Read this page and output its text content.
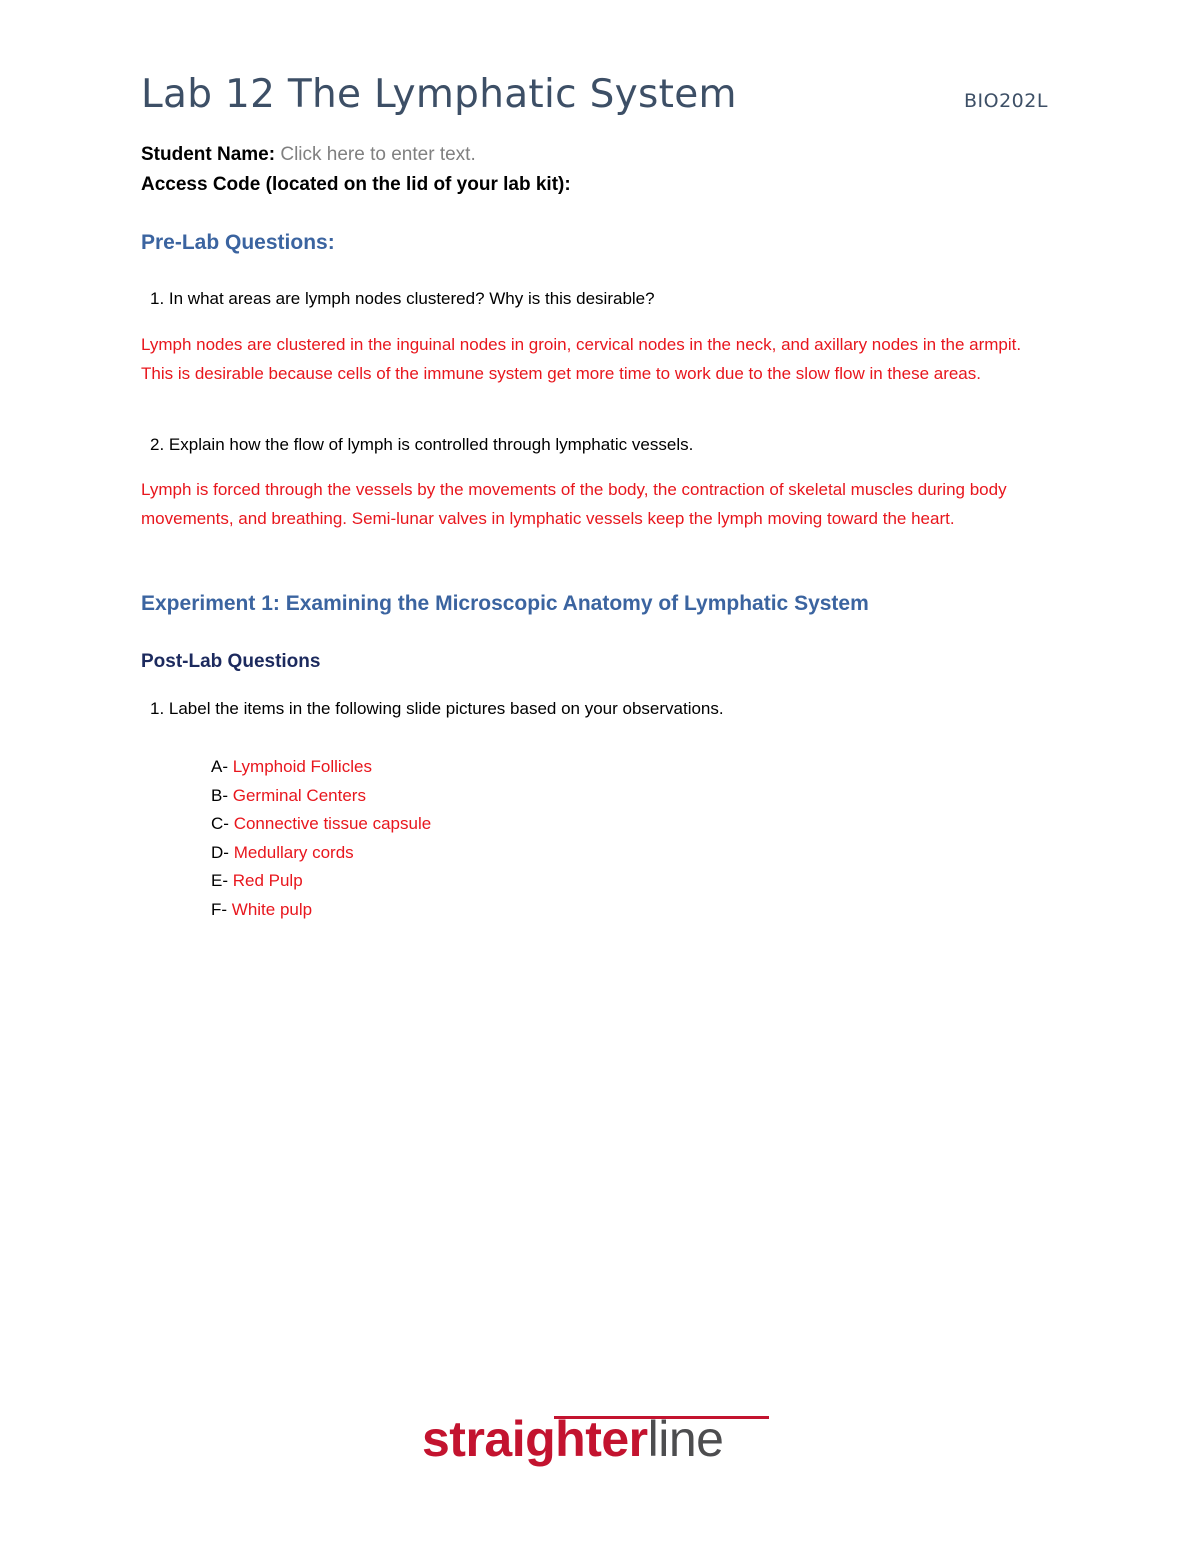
Lab 12 The Lymphatic System	BIO202L
Student Name: Click here to enter text.
Access Code (located on the lid of your lab kit):
Pre-Lab Questions:
1. In what areas are lymph nodes clustered? Why is this desirable?
Lymph nodes are clustered in the inguinal nodes in groin, cervical nodes in the neck, and axillary nodes in the armpit. This is desirable because cells of the immune system get more time to work due to the slow flow in these areas.
2. Explain how the flow of lymph is controlled through lymphatic vessels.
Lymph is forced through the vessels by the movements of the body, the contraction of skeletal muscles during body movements, and breathing. Semi-lunar valves in lymphatic vessels keep the lymph moving toward the heart.
Experiment 1: Examining the Microscopic Anatomy of Lymphatic System
Post-Lab Questions
1. Label the items in the following slide pictures based on your observations.
A- Lymphoid Follicles
B- Germinal Centers
C- Connective tissue capsule
D- Medullary cords
E- Red Pulp
F- White pulp
straighterline
